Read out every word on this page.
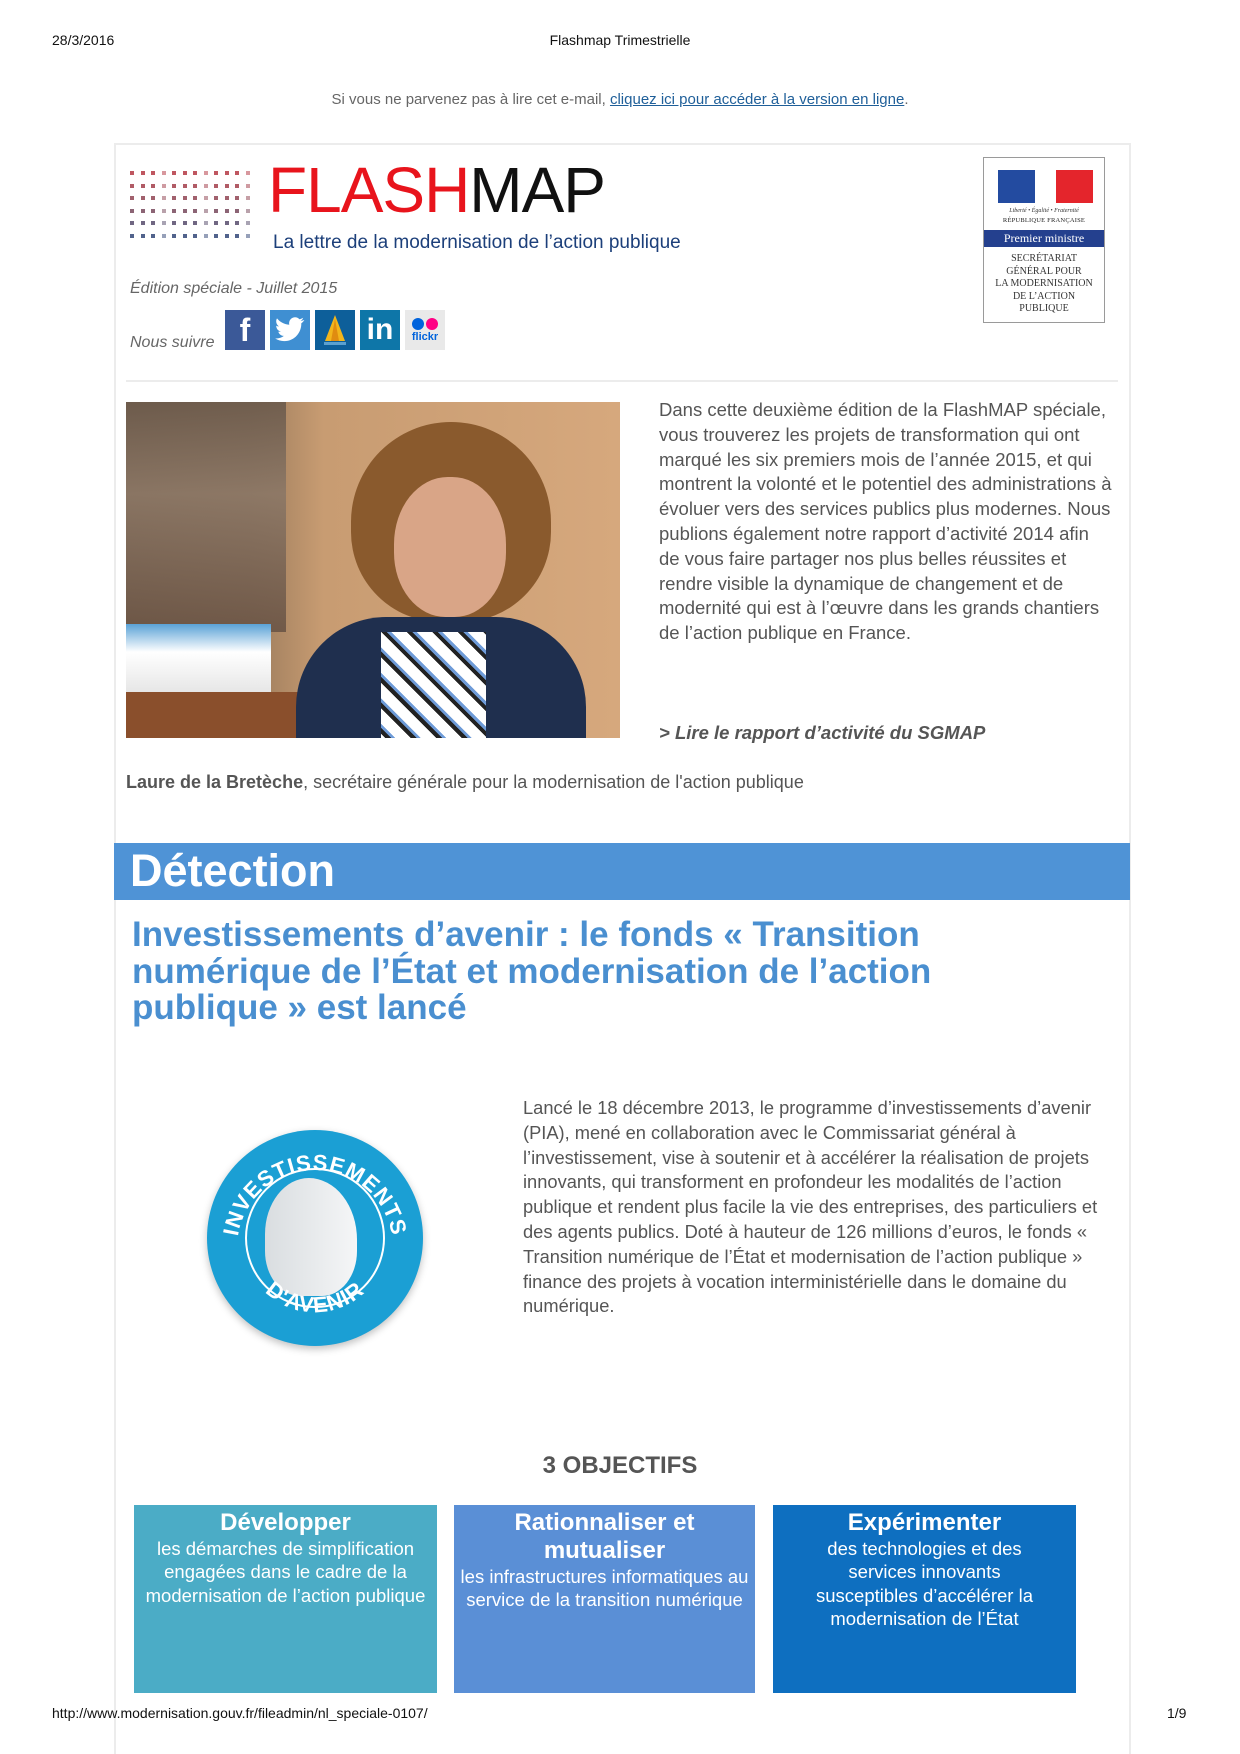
28/3/2016	Flashmap Trimestrielle
Si vous ne parvenez pas à lire cet e-mail, cliquez ici pour accéder à la version en ligne.
FLASHMAP
La lettre de la modernisation de l’action publique
Édition spéciale - Juillet 2015
Nous suivre f	in flickr
Liberté • Égalité • Fraternité
RÉPUBLIQUE FRANÇAISE
Premier ministre
SECRÉTARIAT
GÉNÉRAL POUR
LA MODERNISATION
DE L’ACTION
PUBLIQUE
Dans cette deuxième édition de la FlashMAP spéciale, vous trouverez les projets de transformation qui ont marqué les six premiers mois de l’année 2015, et qui montrent la volonté et le potentiel des administrations à évoluer vers des services publics plus modernes. Nous publions également notre rapport d’activité 2014 afin de vous faire partager nos plus belles réussites et rendre visible la dynamique de changement et de modernité qui est à l’œuvre dans les grands chantiers de l’action publique en France.
> Lire le rapport d’activité du SGMAP
Laure de la Bretèche, secrétaire générale pour la modernisation de l'action publique
Détection
Investissements d’avenir : le fonds « Transition numérique de l’État et modernisation de l’action publique » est lancé
INVESTISSEMENTS
D'AVENIR
Lancé le 18 décembre 2013, le programme d’investissements d’avenir (PIA), mené en collaboration avec le Commissariat général à l’investissement, vise à soutenir et à accélérer la réalisation de projets innovants, qui transforment en profondeur les modalités de l’action publique et rendent plus facile la vie des entreprises, des particuliers et des agents publics. Doté à hauteur de 126 millions d’euros, le fonds « Transition numérique de l’État et modernisation de l’action publique » finance des projets à vocation interministérielle dans le domaine du numérique.
3 OBJECTIFS
Développer
les démarches de simplification engagées dans le cadre de la modernisation de l’action publique
Rationnaliser et mutualiser
les infrastructures informatiques au service de la transition numérique
Expérimenter
des technologies et des services innovants susceptibles d’accélérer la modernisation de l’État
http://www.modernisation.gouv.fr/fileadmin/nl_speciale-0107/	1/9
